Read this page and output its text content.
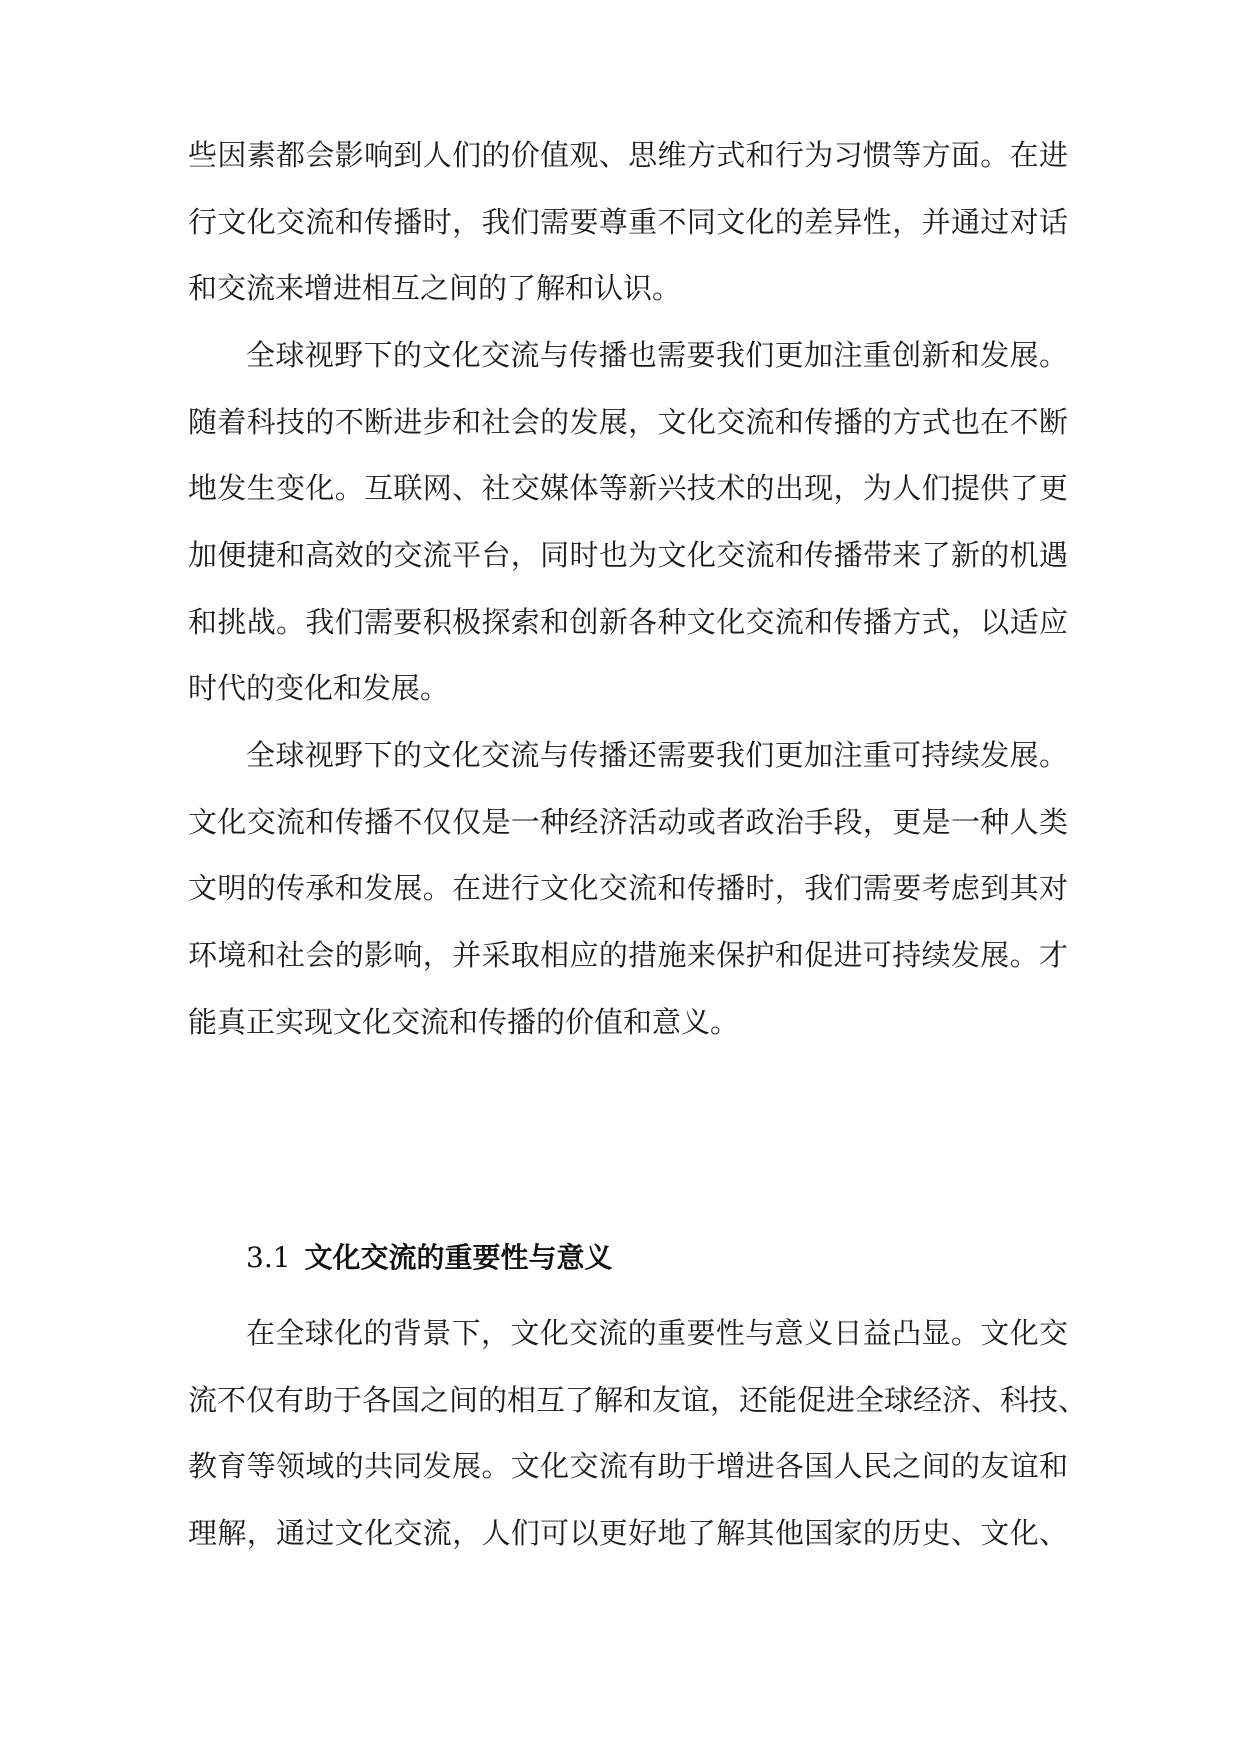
些因素都会影响到人们的价值观、思维方式和行为习惯等方面。在进
行文化交流和传播时，我们需要尊重不同文化的差异性，并通过对话
和交流来增进相互之间的了解和认识。
全球视野下的文化交流与传播也需要我们更加注重创新和发展。
随着科技的不断进步和社会的发展，文化交流和传播的方式也在不断
地发生变化。互联网、社交媒体等新兴技术的出现，为人们提供了更
加便捷和高效的交流平台，同时也为文化交流和传播带来了新的机遇
和挑战。我们需要积极探索和创新各种文化交流和传播方式，以适应
时代的变化和发展。
全球视野下的文化交流与传播还需要我们更加注重可持续发展。
文化交流和传播不仅仅是一种经济活动或者政治手段，更是一种人类
文明的传承和发展。在进行文化交流和传播时，我们需要考虑到其对
环境和社会的影响，并采取相应的措施来保护和促进可持续发展。才
能真正实现文化交流和传播的价值和意义。
3.1 文化交流的重要性与意义
在全球化的背景下，文化交流的重要性与意义日益凸显。文化交
流不仅有助于各国之间的相互了解和友谊，还能促进全球经济、科技、
教育等领域的共同发展。文化交流有助于增进各国人民之间的友谊和
理解，通过文化交流，人们可以更好地了解其他国家的历史、文化、
